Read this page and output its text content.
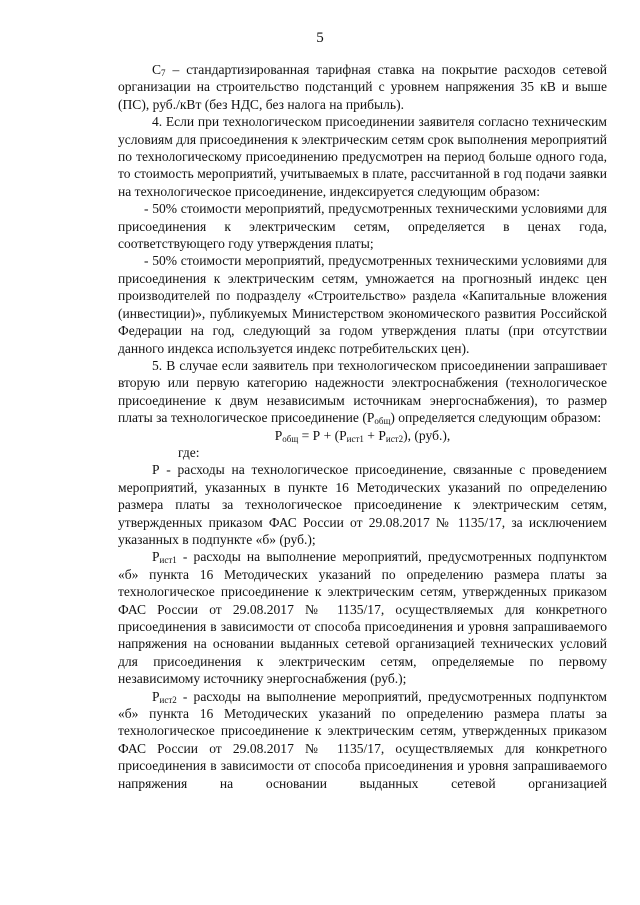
5

$С_7$ – стандартизированная тарифная ставка на покрытие расходов сетевой организации на строительство подстанций с уровнем напряжения 35 кВ и выше (ПС), руб./кВт (без НДС, без налога на прибыль).

4. Если при технологическом присоединении заявителя согласно техническим условиям для присоединения к электрическим сетям срок выполнения мероприятий по технологическому присоединению предусмотрен на период больше одного года, то стоимость мероприятий, учитываемых в плате, рассчитанной в год подачи заявки на технологическое присоединение, индексируется следующим образом:

- 50% стоимости мероприятий, предусмотренных техническими условиями для присоединения к электрическим сетям, определяется в ценах года, соответствующего году утверждения платы;

- 50% стоимости мероприятий, предусмотренных техническими условиями для присоединения к электрическим сетям, умножается на прогнозный индекс цен производителей по подразделу «Строительство» раздела «Капитальные вложения (инвестиции)», публикуемых Министерством экономического развития Российской Федерации на год, следующий за годом утверждения платы (при отсутствии данного индекса используется индекс потребительских цен).

5. В случае если заявитель при технологическом присоединении запрашивает вторую или первую категорию надежности электроснабжения (технологическое присоединение к двум независимым источникам энергоснабжения), то размер платы за технологическое присоединение $(Р_{общ})$ определяется следующим образом:

$Р_{общ} = Р + (Р_{ист1} + Р_{ист2})$, (руб.),

где:

Р - расходы на технологическое присоединение, связанные с проведением мероприятий, указанных в пункте 16 Методических указаний по определению размера платы за технологическое присоединение к электрическим сетям, утвержденных приказом ФАС России от 29.08.2017 № 1135/17, за исключением указанных в подпункте «б» (руб.);

$Р_{ист1}$ - расходы на выполнение мероприятий, предусмотренных подпунктом «б» пункта 16 Методических указаний по определению размера платы за технологическое присоединение к электрическим сетям, утвержденных приказом ФАС России от 29.08.2017 № 1135/17, осуществляемых для конкретного присоединения в зависимости от способа присоединения и уровня запрашиваемого напряжения на основании выданных сетевой организацией технических условий для присоединения к электрическим сетям, определяемые по первому независимому источнику энергоснабжения (руб.);

$Р_{ист2}$ - расходы на выполнение мероприятий, предусмотренных подпунктом «б» пункта 16 Методических указаний по определению размера платы за технологическое присоединение к электрическим сетям, утвержденных приказом ФАС России от 29.08.2017 № 1135/17, осуществляемых для конкретного присоединения в зависимости от способа присоединения и уровня запрашиваемого напряжения на основании выданных сетевой организацией
